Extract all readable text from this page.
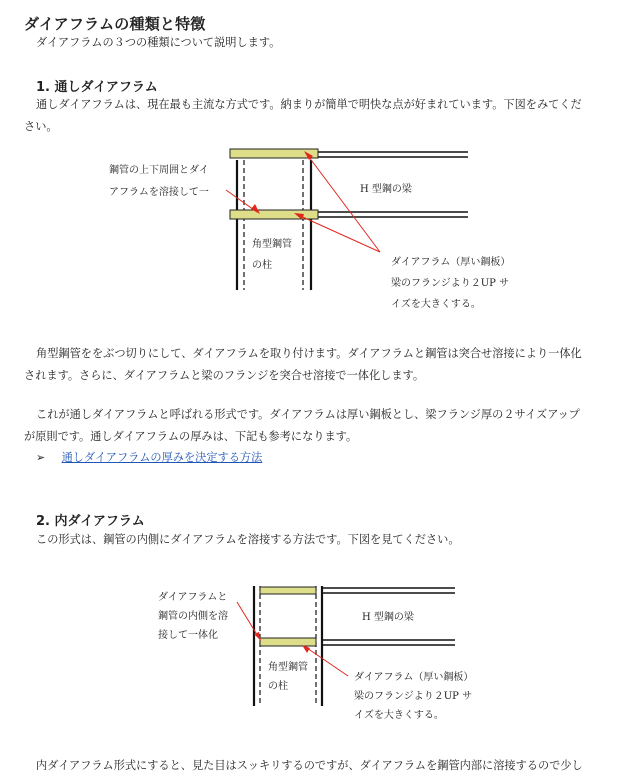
ダイアフラムの種類と特徴
ダイアフラムの３つの種類について説明します。
1. 通しダイアフラム
通しダイアフラムは、現在最も主流な方式です。納まりが簡単で明快な点が好まれています。下図をみてくだ
さい。
鋼管の上下周囲とダイ
アフラムを溶接して一	H 型鋼の梁
角型鋼管
の柱	ダイアフラム（厚い鋼板）
梁のフランジより２UP サ
イズを大きくする。
角型鋼管ををぶつ切りにして、ダイアフラムを取り付けます。ダイアフラムと鋼管は突合せ溶接により一体化
されます。さらに、ダイアフラムと梁のフランジを突合せ溶接で一体化します。
これが通しダイアフラムと呼ばれる形式です。ダイアフラムは厚い鋼板とし、梁フランジ厚の２サイズアップ
が原則です。通しダイアフラムの厚みは、下記も参考になります。
➢ 通しダイアフラムの厚みを決定する方法
2. 内ダイアフラム
この形式は、鋼管の内側にダイアフラムを溶接する方法です。下図を見てください。
ダイアフラムと
鋼管の内側を溶
接して一体化
H 型鋼の梁
角型鋼管
の柱
ダイアフラム（厚い鋼板）
梁のフランジより２UP サ
イズを大きくする。
内ダイアフラム形式にすると、見た目はスッキリするのですが、ダイアフラムを鋼管内部に溶接するので少し
